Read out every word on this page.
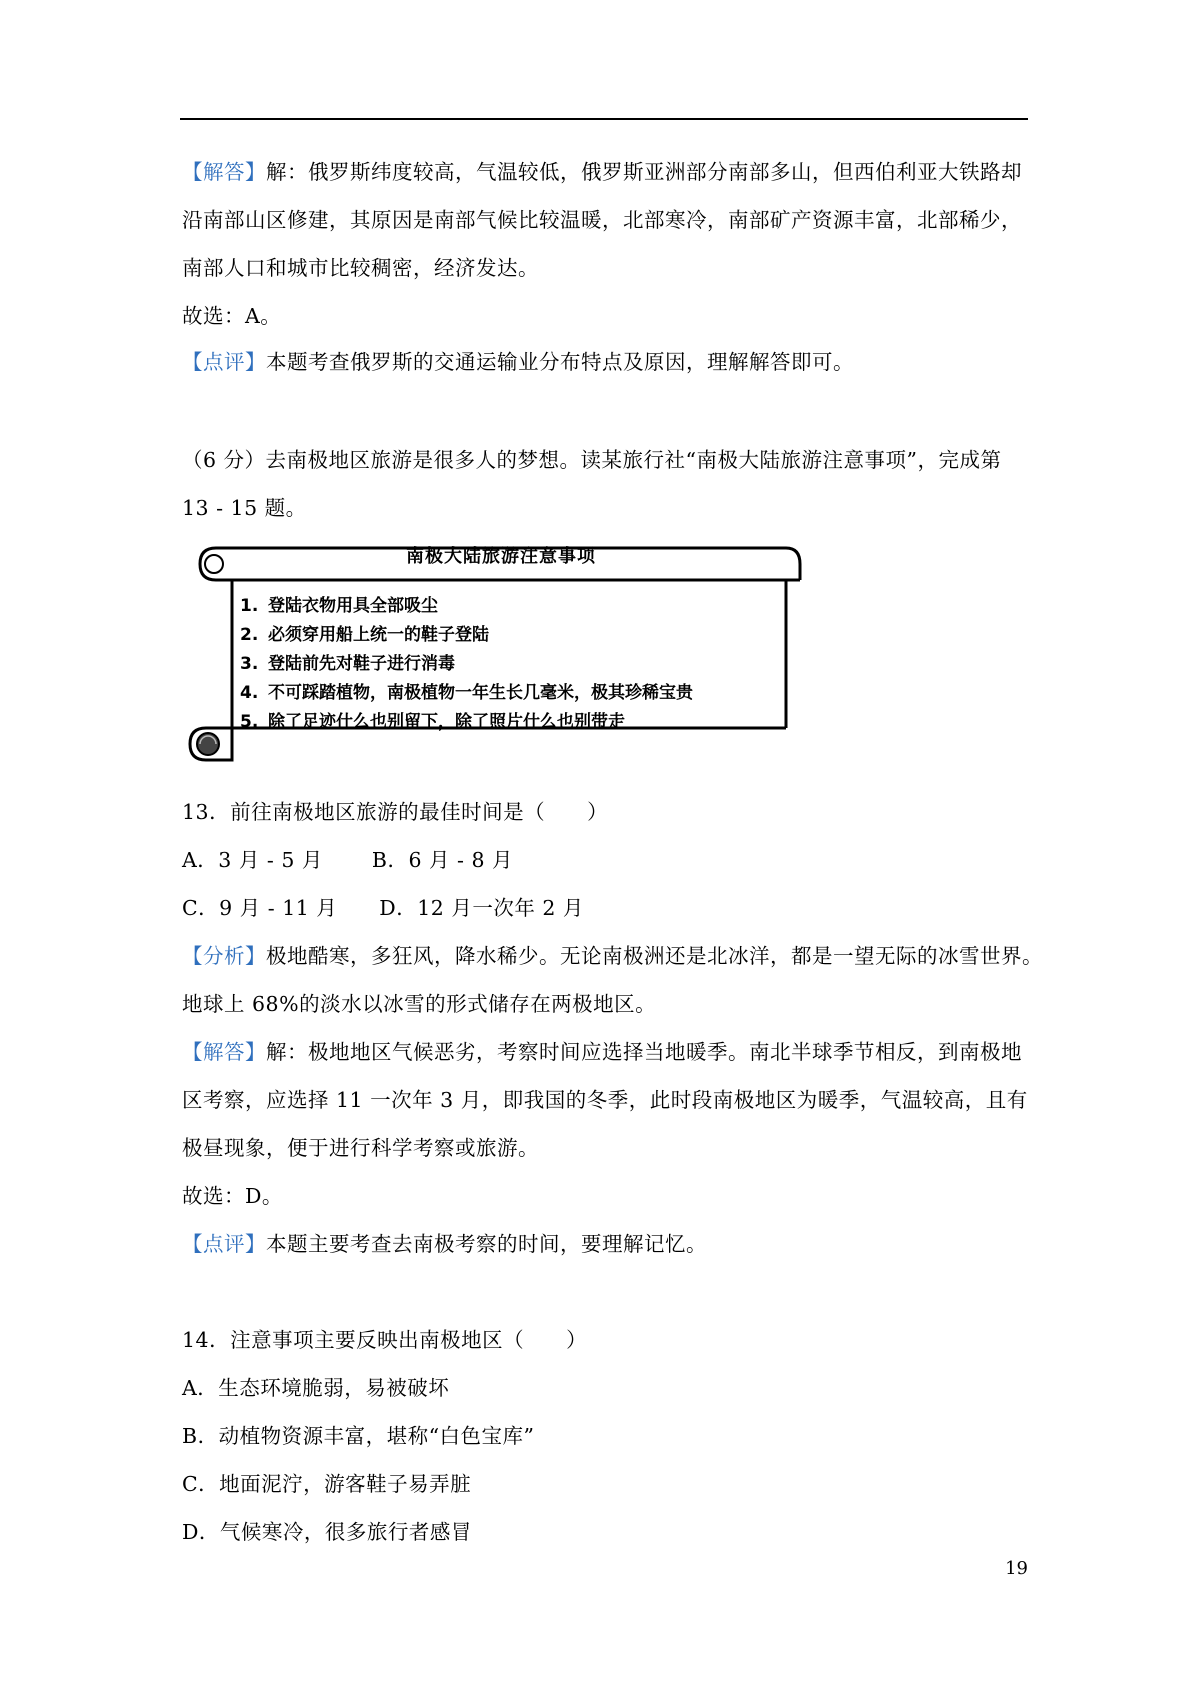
【解答】解：俄罗斯纬度较高，气温较低，俄罗斯亚洲部分南部多山，但西伯利亚大铁路却
沿南部山区修建，其原因是南部气候比较温暖，北部寒冷，南部矿产资源丰富，北部稀少，
南部人口和城市比较稠密，经济发达。
故选：A。
【点评】本题考查俄罗斯的交通运输业分布特点及原因，理解解答即可。
（6 分）去南极地区旅游是很多人的梦想。读某旅行社“南极大陆旅游注意事项”，完成第
13 - 15 题。
南极大陆旅游注意事项
1. 登陆衣物用具全部吸尘
2. 必须穿用船上统一的鞋子登陆
3. 登陆前先对鞋子进行消毒
4. 不可踩踏植物，南极植物一年生长几毫米，极其珍稀宝贵
5. 除了足迹什么也别留下，除了照片什么也别带走
13．前往南极地区旅游的最佳时间是（　　）
A．3 月 - 5 月　　 B．6 月 - 8 月
C．9 月 - 11 月　　D．12 月一次年 2 月
【分析】极地酷寒，多狂风，降水稀少。无论南极洲还是北冰洋，都是一望无际的冰雪世界。
地球上 68%的淡水以冰雪的形式储存在两极地区。
【解答】解：极地地区气候恶劣，考察时间应选择当地暖季。南北半球季节相反，到南极地
区考察，应选择 11 一次年 3 月，即我国的冬季，此时段南极地区为暖季，气温较高，且有
极昼现象，便于进行科学考察或旅游。
故选：D。
【点评】本题主要考查去南极考察的时间，要理解记忆。
14．注意事项主要反映出南极地区（　　）
A．生态环境脆弱，易被破坏
B．动植物资源丰富，堪称“白色宝库”
C．地面泥泞，游客鞋子易弄脏
D．气候寒冷，很多旅行者感冒
19
